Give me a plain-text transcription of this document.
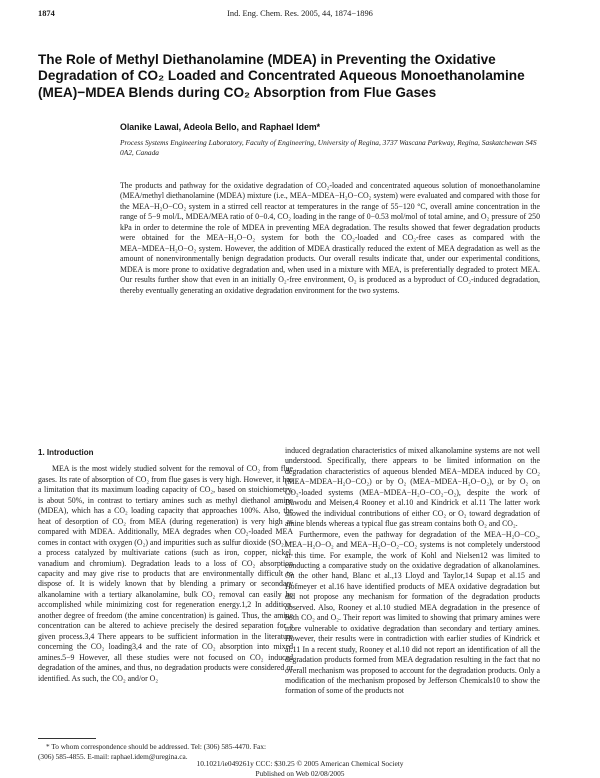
1874	Ind. Eng. Chem. Res. 2005, 44, 1874−1896
The Role of Methyl Diethanolamine (MDEA) in Preventing the Oxidative Degradation of CO₂ Loaded and Concentrated Aqueous Monoethanolamine (MEA)−MDEA Blends during CO₂ Absorption from Flue Gases
Olanike Lawal, Adeola Bello, and Raphael Idem*
Process Systems Engineering Laboratory, Faculty of Engineering, University of Regina, 3737 Wascana Parkway, Regina, Saskatchewan S4S 0A2, Canada

The products and pathway for the oxidative degradation of CO₂-loaded and concentrated aqueous solution of monoethanolamine (MEA/methyl diethanolamine (MDEA) mixture (i.e., MEA−MDEA−H₂O−CO₂ system) were evaluated and compared with those for the MEA−H₂O−CO₂ system in a stirred cell reactor at temperatures in the range of 55−120 °C, overall amine concentration in the range of 5−9 mol/L, MDEA/MEA ratio of 0−0.4, CO₂ loading in the range of 0−0.53 mol/mol of total amine, and O₂ pressure of 250 kPa in order to determine the role of MDEA in preventing MEA degradation. The results showed that fewer degradation products were obtained for the MEA−H₂O−O₂ system for both the CO₂-loaded and CO₂-free cases as compared with the MEA−MDEA−H₂O−O₂ system. However, the addition of MDEA drastically reduced the extent of MEA degradation as well as the amount of nonenvironmentally benign degradation products. Our overall results indicate that, under our experimental conditions, MDEA is more prone to oxidative degradation and, when used in a mixture with MEA, is preferentially degraded to protect MEA. Our results further show that even in an initially O₂-free environment, O₂ is produced as a byproduct of CO₂-induced degradation, thereby eventually generating an oxidative degradation environment for the two systems.

1. Introduction

MEA is the most widely studied solvent for the removal of CO₂ from flue gases. Its rate of absorption of CO₂ from flue gases is very high. However, it has a limitation that its maximum loading capacity of CO₂, based on stoichiometry, is about 50%, in contrast to tertiary amines such as methyl diethanol amine (MDEA), which has a CO₂ loading capacity that approaches 100%. Also, the heat of desorption of CO₂ from MEA (during regeneration) is very high as compared with MDEA. Additionally, MEA degrades when CO₂-loaded MEA comes in contact with oxygen (O₂) and impurities such as sulfur dioxide (SO₂) − a process catalyzed by multivariate cations (such as iron, copper, nickel, vanadium and chromium). Degradation leads to a loss of CO₂ absorption capacity and may give rise to products that are environmentally difficult to dispose of. It is widely known that by blending a primary or secondary alkanolamine with a tertiary alkanolamine, bulk CO₂ removal can easily be accomplished while minimizing cost for regeneration energy.1,2 In addition, another degree of freedom (the amine concentration) is gained. Thus, the amine concentration can be altered to achieve precisely the desired separation for a given process.3,4 There appears to be sufficient information in the literature concerning the CO₂ loading3,4 and the rate of CO₂ absorption into mixed amines.5−9 However, all these studies were not focused on CO₂ induced degradation of the amines, and thus, no degradation products were considered or identified. As such, the CO₂ and/or O₂

induced degradation characteristics of mixed alkanolamine systems are not well understood. Specifically, there appears to be limited information on the degradation characteristics of aqueous blended MEA−MDEA induced by CO₂ (MEA−MDEA−H₂O−CO₂) or by O₂ (MEA−MDEA−H₂O−O₂), or by O₂ on CO₂-loaded systems (MEA−MDEA−H₂O−CO₂−O₂), despite the work of Dawodu and Meisen,4 Rooney et al.10 and Kindrick et al.11 The latter work showed the individual contributions of either CO₂ or O₂ toward degradation of amine blends whereas a typical flue gas stream contains both O₂ and CO₂.

Furthermore, even the pathway for degradation of the MEA−H₂O−CO₂, MEA−H₂O−O₂ and MEA−H₂O−O₂−CO₂ systems is not completely understood at this time. For example, the work of Kohl and Nielsen12 was limited to conducting a comparative study on the oxidative degradation of alkanolamines. On the other hand, Blanc et al.,13 Lloyd and Taylor,14 Supap et al.15 and Hofmeyer et al.16 have identified products of MEA oxidative degradation but did not propose any mechanism for formation of the degradation products observed. Also, Rooney et al.10 studied MEA degradation in the presence of both CO₂ and O₂. Their report was limited to showing that primary amines were more vulnerable to oxidative degradation than secondary and tertiary amines. However, their results were in contradiction with earlier studies of Kindrick et al.11 In a recent study, Rooney et al.10 did not report an identification of all the degradation products formed from MEA degradation resulting in the fact that no overall mechanism was proposed to account for the degradation products. Only a modification of the mechanism proposed by Jefferson Chemicals10 to show the formation of some of the products not

* To whom correspondence should be addressed. Tel: (306) 585-4470. Fax: (306) 585-4855. E-mail: raphael.idem@uregina.ca.

10.1021/ie049261y CCC: $30.25 © 2005 American Chemical Society
Published on Web 02/08/2005
